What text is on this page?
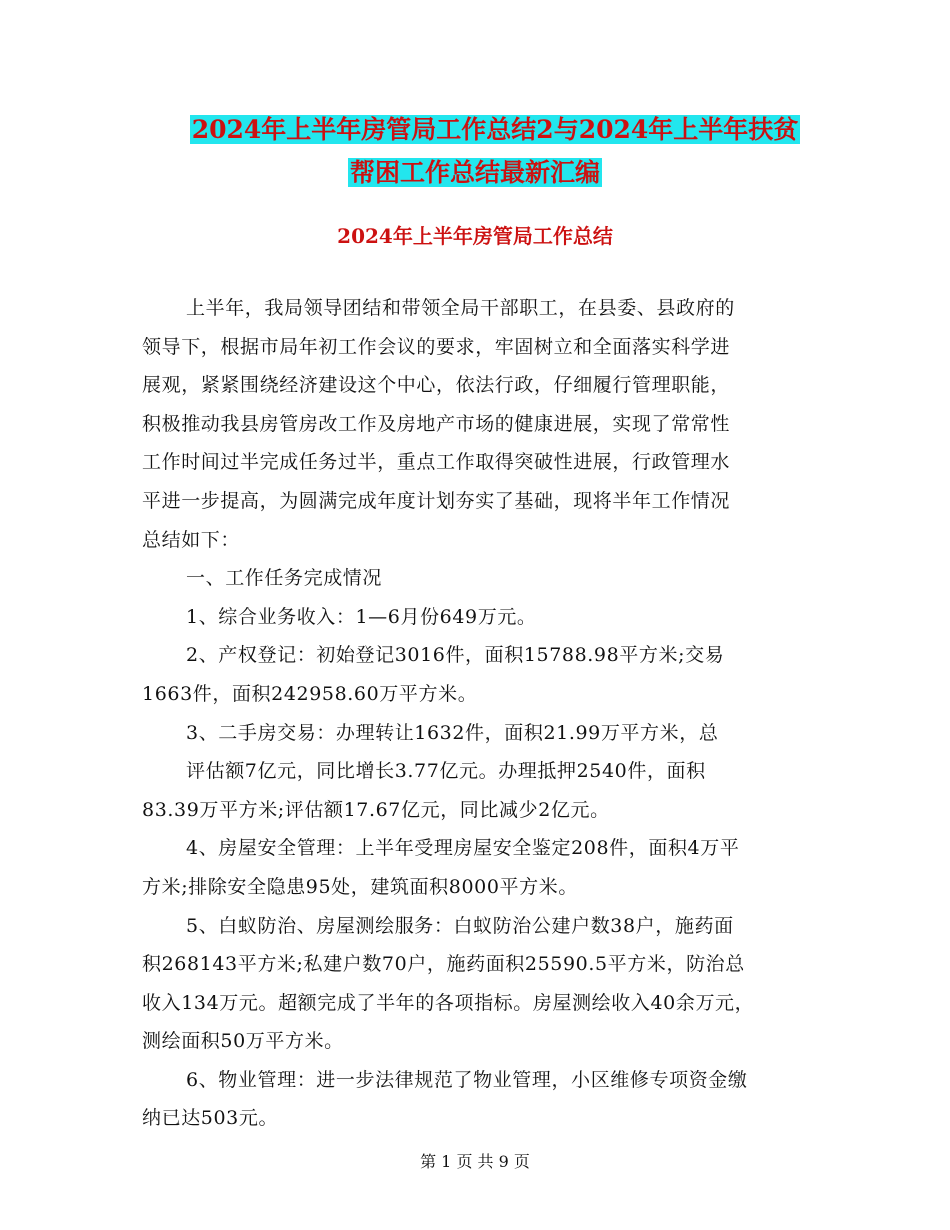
2024年上半年房管局工作总结2与2024年上半年扶贫
帮困工作总结最新汇编
2024年上半年房管局工作总结
上半年，我局领导团结和带领全局干部职工，在县委、县政府的
领导下，根据市局年初工作会议的要求，牢固树立和全面落实科学进
展观，紧紧围绕经济建设这个中心，依法行政，仔细履行管理职能，
积极推动我县房管房改工作及房地产市场的健康进展，实现了常常性
工作时间过半完成任务过半，重点工作取得突破性进展，行政管理水
平进一步提高，为圆满完成年度计划夯实了基础，现将半年工作情况
总结如下：
一、工作任务完成情况
1、综合业务收入：1—6月份649万元。
2、产权登记：初始登记3016件，面积15788.98平方米;交易
1663件，面积242958.60万平方米。
3、二手房交易：办理转让1632件，面积21.99万平方米，总
评估额7亿元，同比增长3.77亿元。办理抵押2540件，面积
83.39万平方米;评估额17.67亿元，同比减少2亿元。
4、房屋安全管理：上半年受理房屋安全鉴定208件，面积4万平
方米;排除安全隐患95处，建筑面积8000平方米。
5、白蚁防治、房屋测绘服务：白蚁防治公建户数38户，施药面
积268143平方米;私建户数70户，施药面积25590.5平方米，防治总
收入134万元。超额完成了半年的各项指标。房屋测绘收入40余万元，
测绘面积50万平方米。
6、物业管理：进一步法律规范了物业管理，小区维修专项资金缴
纳已达503元。
第 1 页 共 9 页
